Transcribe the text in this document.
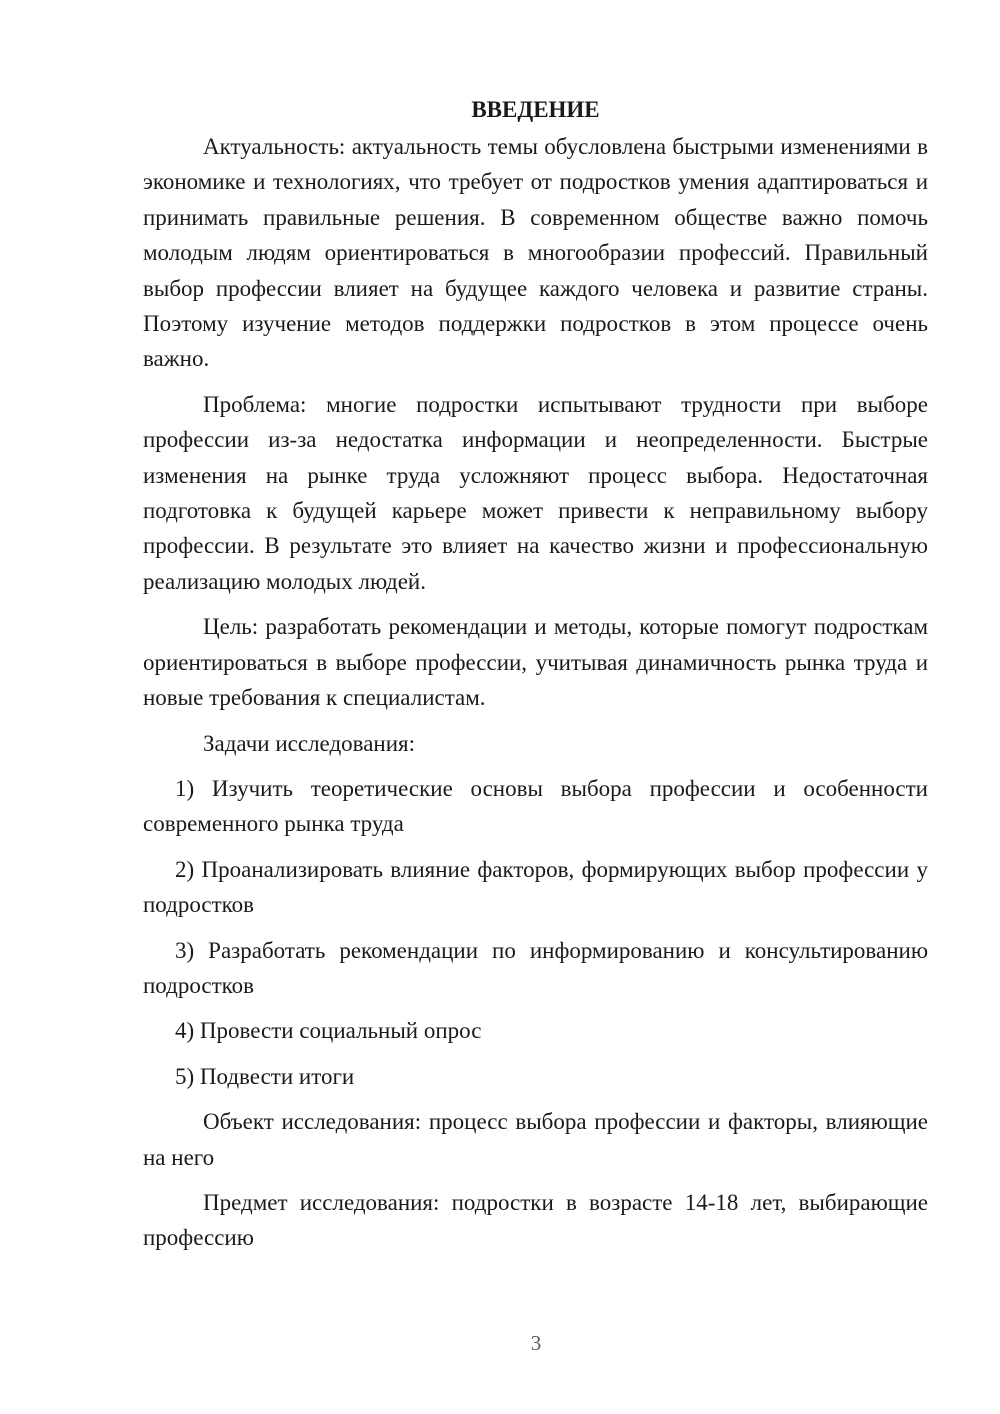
ВВЕДЕНИЕ

Актуальность: актуальность темы обусловлена быстрыми изменениями в экономике и технологиях, что требует от подростков умения адаптироваться и принимать правильные решения. В современном обществе важно помочь молодым людям ориентироваться в многообразии профессий. Правильный выбор профессии влияет на будущее каждого человека и развитие страны. Поэтому изучение методов поддержки подростков в этом процессе очень важно.

Проблема: многие подростки испытывают трудности при выборе профессии из-за недостатка информации и неопределенности. Быстрые изменения на рынке труда усложняют процесс выбора. Недостаточная подготовка к будущей карьере может привести к неправильному выбору профессии. В результате это влияет на качество жизни и профессиональную реализацию молодых людей.

Цель: разработать рекомендации и методы, которые помогут подросткам ориентироваться в выборе профессии, учитывая динамичность рынка труда и новые требования к специалистам.

Задачи исследования:

1) Изучить теоретические основы выбора профессии и особенности современного рынка труда

2) Проанализировать влияние факторов, формирующих выбор профессии у подростков

3) Разработать рекомендации по информированию и консультированию подростков

4) Провести социальный опрос

5) Подвести итоги

Объект исследования: процесс выбора профессии и факторы, влияющие на него

Предмет исследования: подростки в возрасте 14-18 лет, выбирающие профессию

3
